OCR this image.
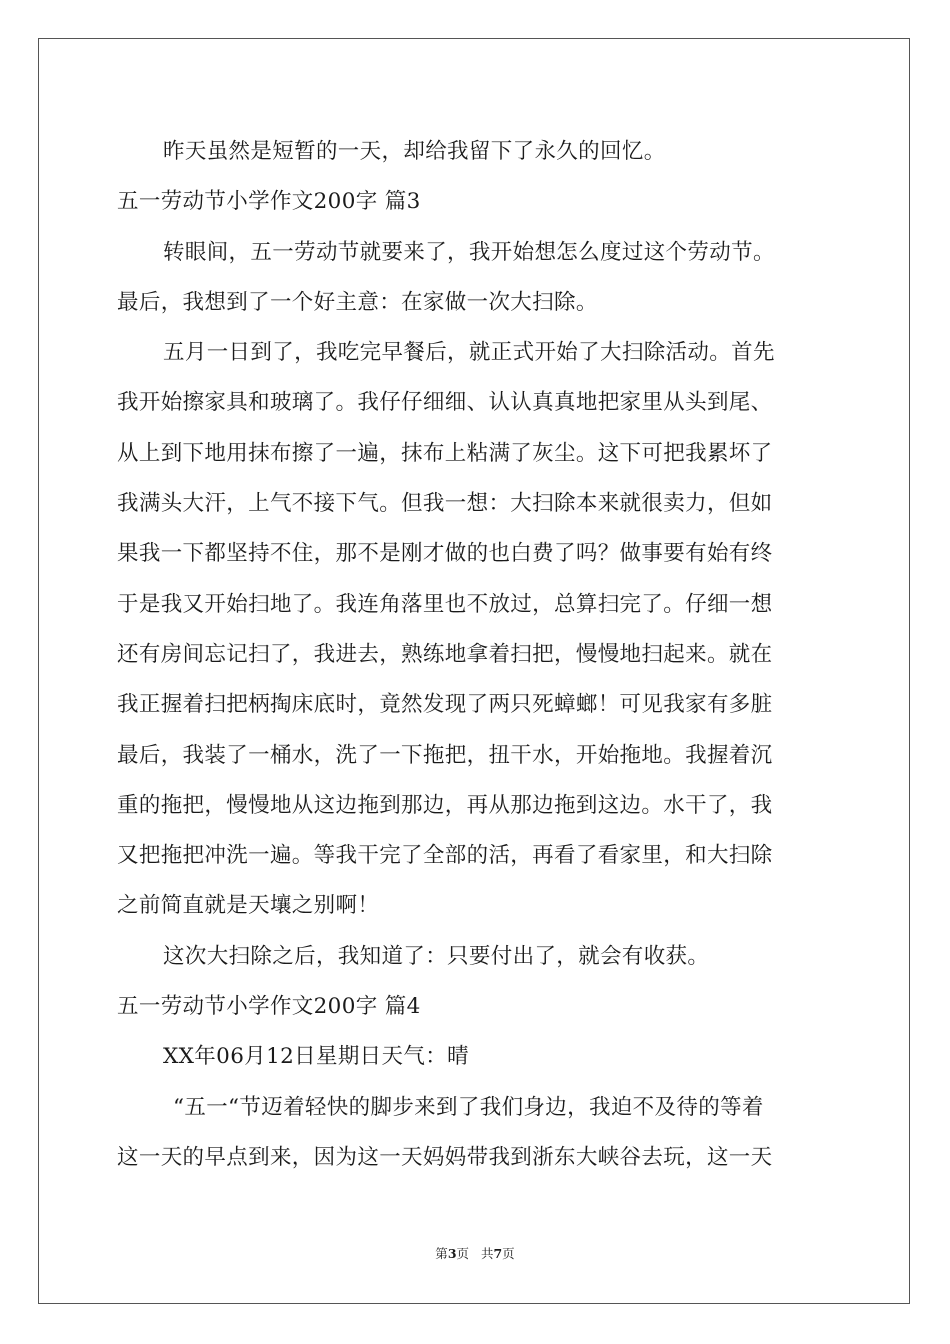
昨天虽然是短暂的一天，却给我留下了永久的回忆。
五一劳动节小学作文200字 篇3
转眼间，五一劳动节就要来了，我开始想怎么度过这个劳动节。
最后，我想到了一个好主意：在家做一次大扫除。
五月一日到了，我吃完早餐后，就正式开始了大扫除活动。首先
我开始擦家具和玻璃了。我仔仔细细、认认真真地把家里从头到尾、
从上到下地用抹布擦了一遍，抹布上粘满了灰尘。这下可把我累坏了
我满头大汗，上气不接下气。但我一想：大扫除本来就很卖力，但如
果我一下都坚持不住，那不是刚才做的也白费了吗？做事要有始有终
于是我又开始扫地了。我连角落里也不放过，总算扫完了。仔细一想
还有房间忘记扫了，我进去，熟练地拿着扫把，慢慢地扫起来。就在
我正握着扫把柄掏床底时，竟然发现了两只死蟑螂！可见我家有多脏
最后，我装了一桶水，洗了一下拖把，扭干水，开始拖地。我握着沉
重的拖把，慢慢地从这边拖到那边，再从那边拖到这边。水干了，我
又把拖把冲洗一遍。等我干完了全部的活，再看了看家里，和大扫除
之前简直就是天壤之别啊！
这次大扫除之后，我知道了：只要付出了，就会有收获。
五一劳动节小学作文200字 篇4
XX年06月12日星期日天气：晴
“五一“节迈着轻快的脚步来到了我们身边，我迫不及待的等着
这一天的早点到来，因为这一天妈妈带我到浙东大峡谷去玩，这一天
第3页 共7页
